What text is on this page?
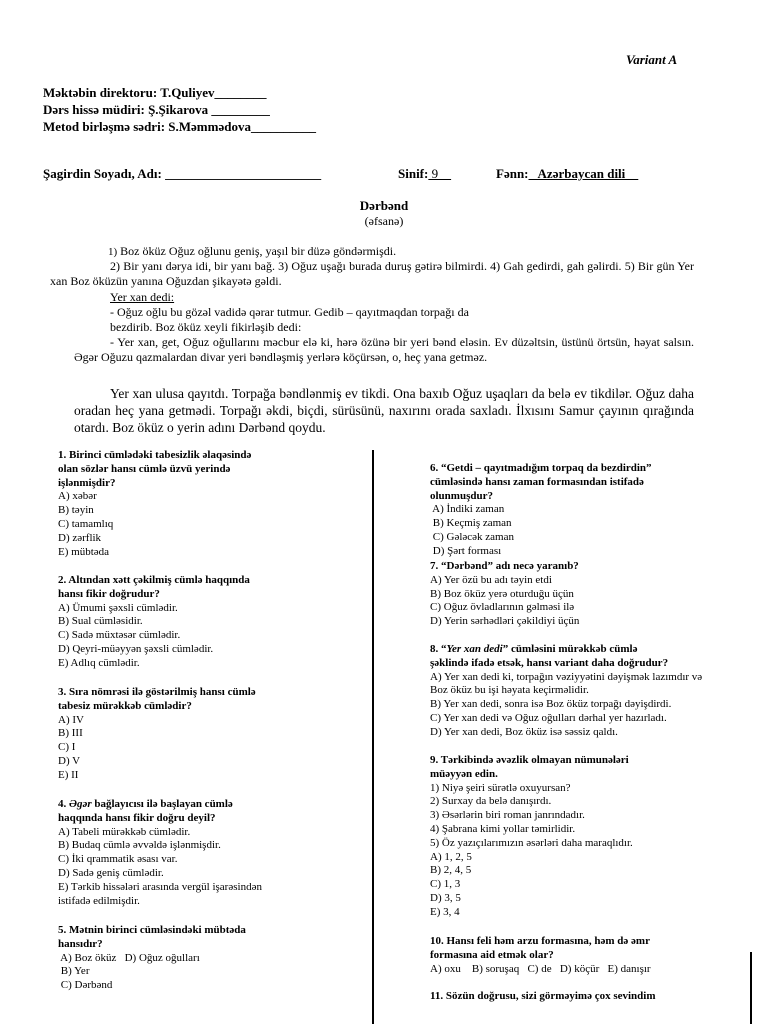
Variant A
Məktəbin direktoru: T.Quliyev________
Dərs hissə müdiri: Ş.Şikarova _________
Metod birləşmə sədri: S.Məmmədova__________
Şagirdin Soyadı, Adı: ________________________	Sinif: 9	Fənn:   Azərbaycan dili
Dərbənd
(əfsanə)
1) Boz öküz Oğuz oğlunu geniş, yaşıl bir düzə göndərmişdi.
2) Bir yanı dərya idi, bir yanı bağ. 3) Oğuz uşağı burada duruş gətirə bilmirdi. 4) Gah gedirdi, gah gəlirdi. 5) Bir gün Yer xan Boz öküzün yanına Oğuzdan şikayətə gəldi.
Yer xan dedi:
- Oğuz oğlu bu gözəl vadidə qərar tutmur. Gedib – qayıtmaqdan torpağı da
bezdirib. Boz öküz xeyli fikirləşib dedi:
- Yer xan, get, Oğuz oğullarını məcbur elə ki, hərə özünə bir yeri bənd eləsin. Ev düzəltsin, üstünü örtsün, həyat salsın. Əgər Oğuzu qazmalardan divar yeri bəndləşmiş yerlərə köçürsən, o, heç yana getməz.
Yer xan ulusa qayıtdı. Torpağa bəndlənmiş ev tikdi. Ona baxıb Oğuz uşaqları da belə ev tikdilər. Oğuz daha oradan heç yana getmədi. Torpağı əkdi, biçdi, sürüsünü, naxırını orada saxladı. İlxısını Samur çayının qırağında otardı. Boz öküz o yerin adını Dərbənd qoydu.
1. Birinci cümlədəki tabesizlik əlaqəsində
olan sözlər hansı cümlə üzvü yerində
işlənmişdir?
A) xəbər
B) təyin
C) tamamlıq
D) zərflik
E) mübtəda
2. Altından xətt çəkilmiş cümlə haqqında
hansı fikir doğrudur?
A) Ümumi şəxsli cümlədir.
B) Sual cümləsidir.
C) Sadə müxtəsər cümlədir.
D) Qeyri-müəyyən şəxsli cümlədir.
E) Adlıq cümlədir.
3. Sıra nömrəsi ilə göstərilmiş hansı cümlə
tabesiz mürəkkəb cümlədir?
A) IV
B) III
C) I
D) V
E) II
4. Əgər bağlayıcısı ilə başlayan cümlə
haqqında hansı fikir doğru deyil?
A) Tabeli mürəkkəb cümlədir.
B) Budaq cümlə əvvəldə işlənmişdir.
C) İki qrammatik əsası var.
D) Sadə geniş cümlədir.
E) Tərkib hissələri arasında vergül işarəsindən
istifadə edilmişdir.
5. Mətnin birinci cümləsindəki mübtəda
hansıdır?
A) Boz öküz   D) Oğuz oğulları
B) Yer
C) Dərbənd
6. “Getdi – qayıtmadığım torpaq da bezdirdin”
cümləsində hansı zaman formasından istifadə
olunmuşdur?
A) İndiki zaman
B) Keçmiş zaman
C) Gələcək zaman
D) Şərt forması
7. “Dərbənd” adı necə yaranıb?
A) Yer özü bu adı təyin etdi
B) Boz öküz yerə oturduğu üçün
C) Oğuz övladlarının gəlməsi ilə
D) Yerin sərhədləri çəkildiyi üçün
8. “Yer xan dedi” cümləsini mürəkkəb cümlə
şəklində ifadə etsək, hansı variant daha doğrudur?
A) Yer xan dedi ki, torpağın vəziyyətini dəyişmək lazımdır və
Boz öküz bu işi həyata keçirməlidir.
B) Yer xan dedi, sonra isə Boz öküz torpağı dəyişdirdi.
C) Yer xan dedi və Oğuz oğulları dərhal yer hazırladı.
D) Yer xan dedi, Boz öküz isə səssiz qaldı.
9. Tərkibində əvəzlik olmayan nümunələri
müəyyən edin.
1) Niyə şeiri sürətlə oxuyursan?
2) Surxay da belə danışırdı.
3) Əsərlərin biri roman janrındadır.
4) Şabrana kimi yollar təmirlidir.
5) Öz yazıçılarımızın əsərləri daha maraqlıdır.
A) 1, 2, 5
B) 2, 4, 5
C) 1, 3
D) 3, 5
E) 3, 4
10. Hansı feli həm arzu formasına, həm də əmr
formasına aid etmək olar?
A) oxu    B) soruşaq   C) de   D) köçür   E) danışır
11. Sözün doğrusu, sizi görməyimə çox sevindim
